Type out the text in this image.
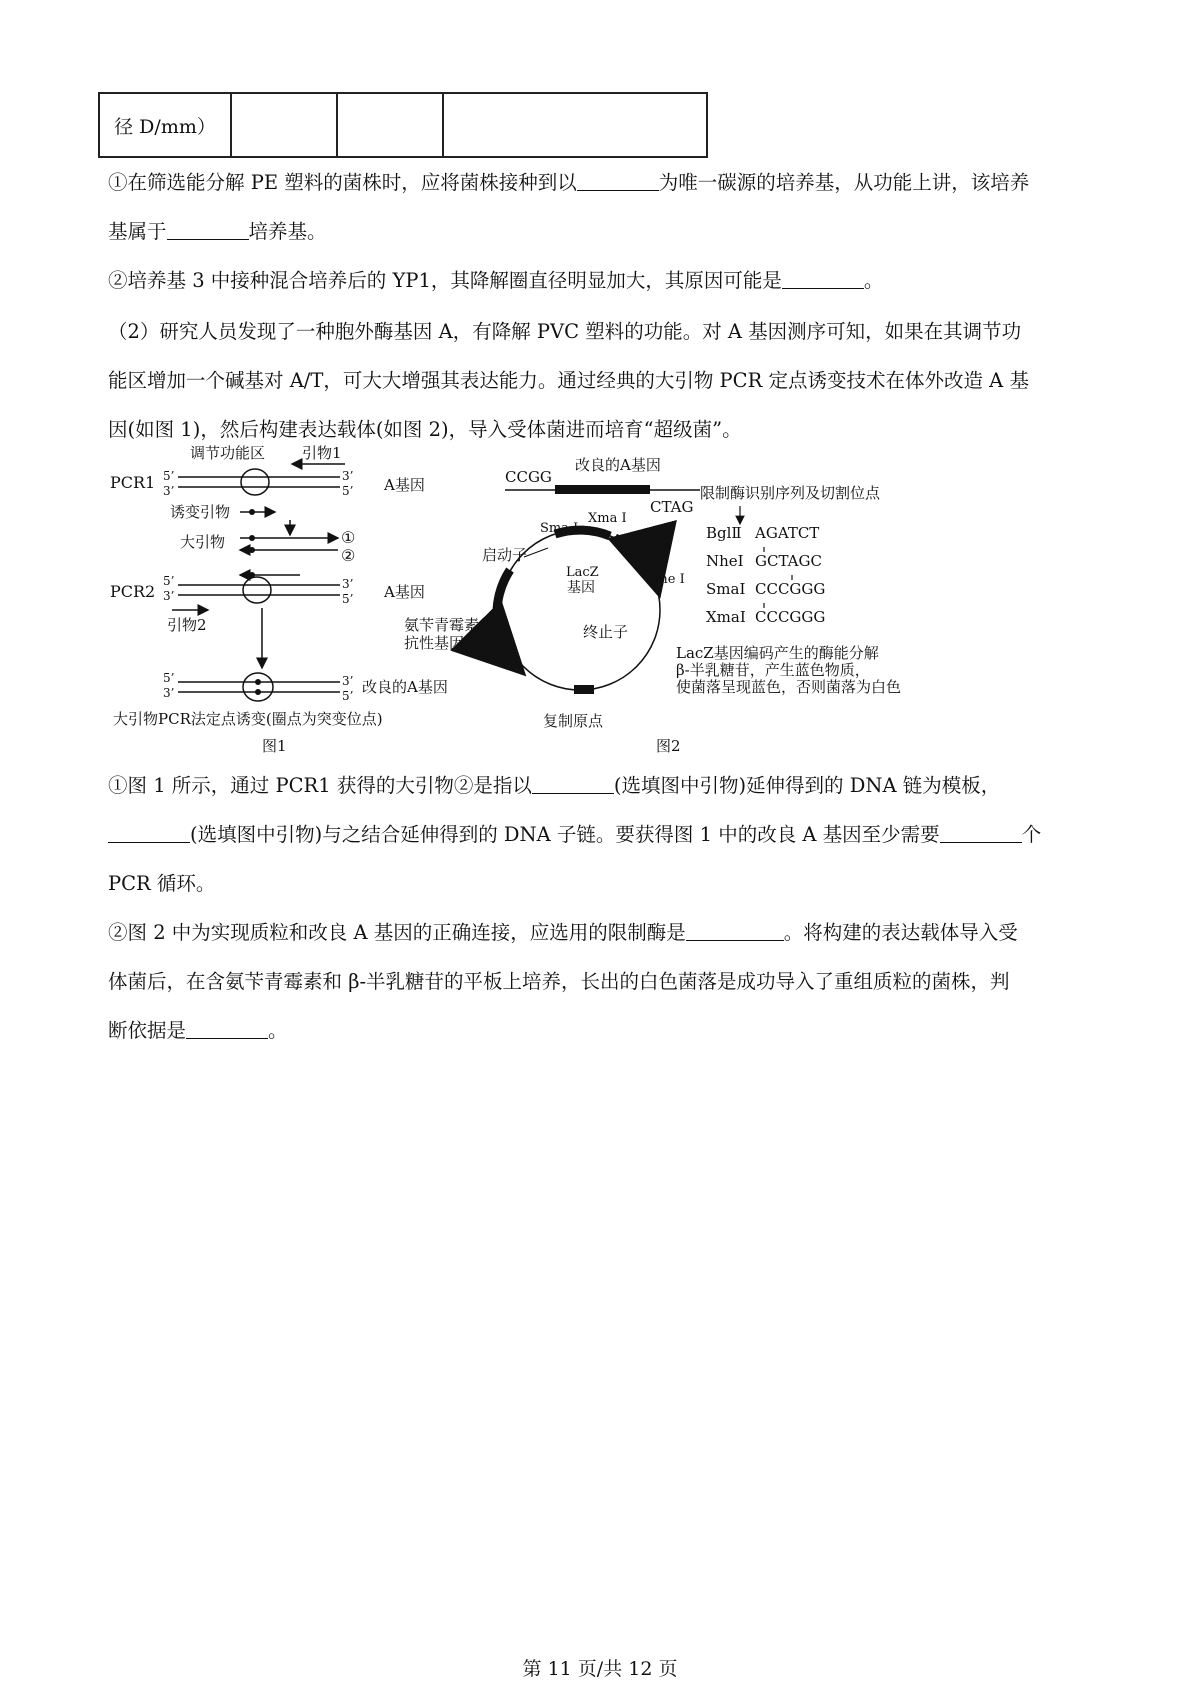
径 D/mm）			
①在筛选能分解 PE 塑料的菌株时，应将菌株接种到以	为唯一碳源的培养基，从功能上讲，该培养
基属于	培养基。
②培养基 3 中接种混合培养后的 YP1，其降解圈直径明显加大，其原因可能是	。
（2）研究人员发现了一种胞外酶基因 A，有降解 PVC 塑料的功能。对 A 基因测序可知，如果在其调节功
能区增加一个碱基对 A/T，可大大增强其表达能力。通过经典的大引物 PCR 定点诱变技术在体外改造 A 基
因(如图 1)，然后构建表达载体(如图 2)，导入受体菌进而培育“超级菌”。
调节功能区 引物1
PCR1 5’
3’
3’
5’ A基因
诱变引物
大引物	①
②
PCR2
5’
3’
3’
5’ A基因
引物2
5’
3’
3’
5’ 改良的A基因
大引物PCR法定点诱变(圈点为突变位点)
图1
CCGG
改良的A基因
CTAG
限制酶识别序列及切割位点
Sma Ⅰ
Xma Ⅰ
Bgl Ⅱ
Nhe Ⅰ
启动子
LacZ
基因
氨苄青霉素
抗性基因
终止子
复制原点
BglⅡ AGATCT
NheⅠ GCTAGC
SmaⅠ CCCGGG
XmaⅠ CCCGGG
LacZ基因编码产生的酶能分解
β-半乳糖苷，产生蓝色物质，
使菌落呈现蓝色，否则菌落为白色
图2
①图 1 所示，通过 PCR1 获得的大引物②是指以	(选填图中引物)延伸得到的 DNA 链为模板，
(选填图中引物)与之结合延伸得到的 DNA 子链。要获得图 1 中的改良 A 基因至少需要	个
PCR 循环。
②图 2 中为实现质粒和改良 A 基因的正确连接，应选用的限制酶是	。将构建的表达载体导入受
体菌后，在含氨苄青霉素和 β-半乳糖苷的平板上培养，长出的白色菌落是成功导入了重组质粒的菌株，判
断依据是	。
第 11 页/共 12 页
